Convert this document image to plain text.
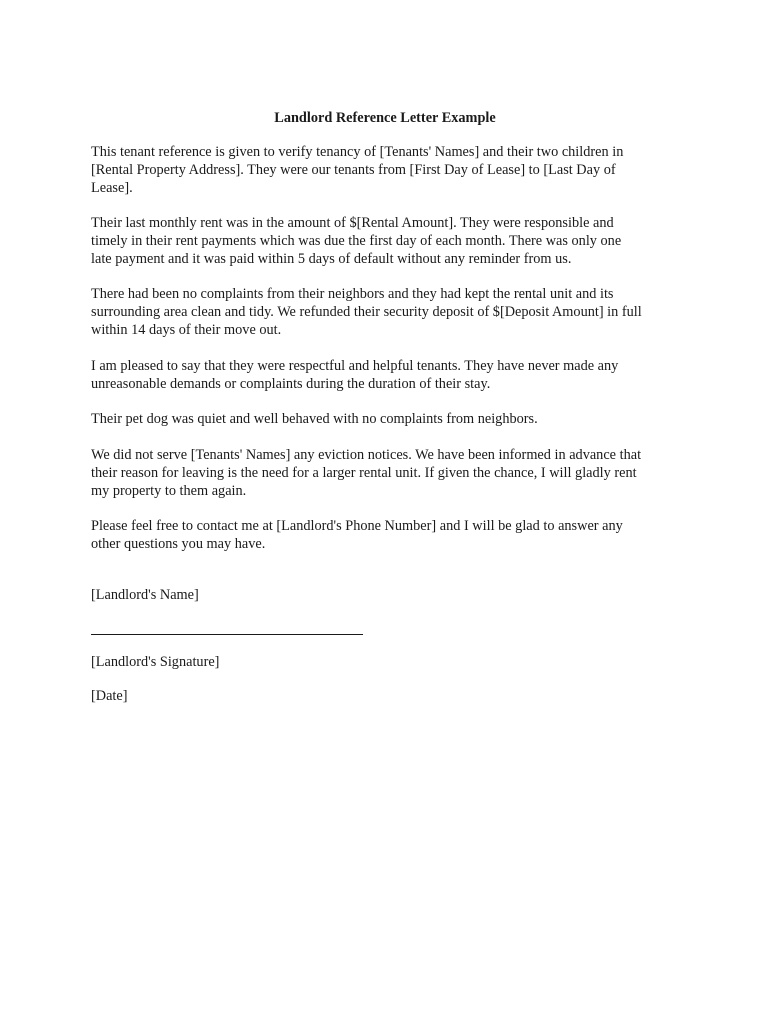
Landlord Reference Letter Example
This tenant reference is given to verify tenancy of [Tenants' Names] and their two children in
[Rental Property Address]. They were our tenants from [First Day of Lease] to [Last Day of
Lease].
Their last monthly rent was in the amount of $[Rental Amount]. They were responsible and
timely in their rent payments which was due the first day of each month. There was only one
late payment and it was paid within 5 days of default without any reminder from us.
There had been no complaints from their neighbors and they had kept the rental unit and its
surrounding area clean and tidy. We refunded their security deposit of $[Deposit Amount] in full
within 14 days of their move out.
I am pleased to say that they were respectful and helpful tenants. They have never made any
unreasonable demands or complaints during the duration of their stay.
Their pet dog was quiet and well behaved with no complaints from neighbors.
We did not serve [Tenants' Names] any eviction notices. We have been informed in advance that
their reason for leaving is the need for a larger rental unit. If given the chance, I will gladly rent
my property to them again.
Please feel free to contact me at [Landlord's Phone Number] and I will be glad to answer any
other questions you may have.
[Landlord's Name]
[Landlord's Signature]
[Date]
